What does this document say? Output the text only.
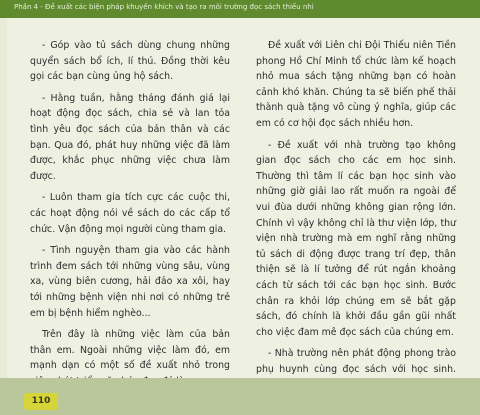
Phần 4 - Đề xuất các biện pháp khuyến khích và tạo ra môi trường đọc sách thiếu nhi

- Góp vào tủ sách dùng chung những quyển sách bổ ích, lí thú. Đồng thời kêu gọi các bạn cùng ủng hộ sách.

- Hằng tuần, hằng tháng đánh giá lại hoạt động đọc sách, chia sẻ và lan tỏa tình yêu đọc sách của bản thân và các bạn. Qua đó, phát huy những việc đã làm được, khắc phục những việc chưa làm được.

- Luôn tham gia tích cực các cuộc thi, các hoạt động nói về sách do các cấp tổ chức. Vận động mọi người cùng tham gia.

- Tình nguyện tham gia vào các hành trình đem sách tới những vùng sâu, vùng xa, vùng biên cương, hải đảo xa xôi, hay tới những bệnh viện nhi nơi có những trẻ em bị bệnh hiểm nghèo...

Trên đây là những việc làm của bản thân em. Ngoài những việc làm đó, em mạnh dạn có một số đề xuất nhỏ trong

Đề xuất với Liên chi Đội Thiếu niên Tiền phong Hồ Chí Minh tổ chức làm kế hoạch nhỏ mua sách tặng những bạn có hoàn cảnh khó khăn. Chúng ta sẽ biến phế thải thành quà tặng vô cùng ý nghĩa, giúp các em có cơ hội đọc sách nhiều hơn.

- Đề xuất với nhà trường tạo không gian đọc sách cho các em học sinh. Thường thì tâm lí các bạn học sinh vào những giờ giải lao rất muốn ra ngoài để vui đùa dưới những không gian rộng lớn. Chính vì vậy không chỉ là thư viện lớp, thư viện nhà trường mà em nghĩ rằng những tủ sách di động được trang trí đẹp, thân thiện sẽ là lí tưởng để rút ngắn khoảng cách từ sách tới các bạn học sinh. Bước chân ra khỏi lớp chúng em sẽ bắt gặp sách, đó chính là khởi đầu gần gũi nhất cho việc đam mê đọc sách của chúng em.

- Nhà trường nên phát động phong trào phụ huynh cùng đọc sách với học sinh.

110
